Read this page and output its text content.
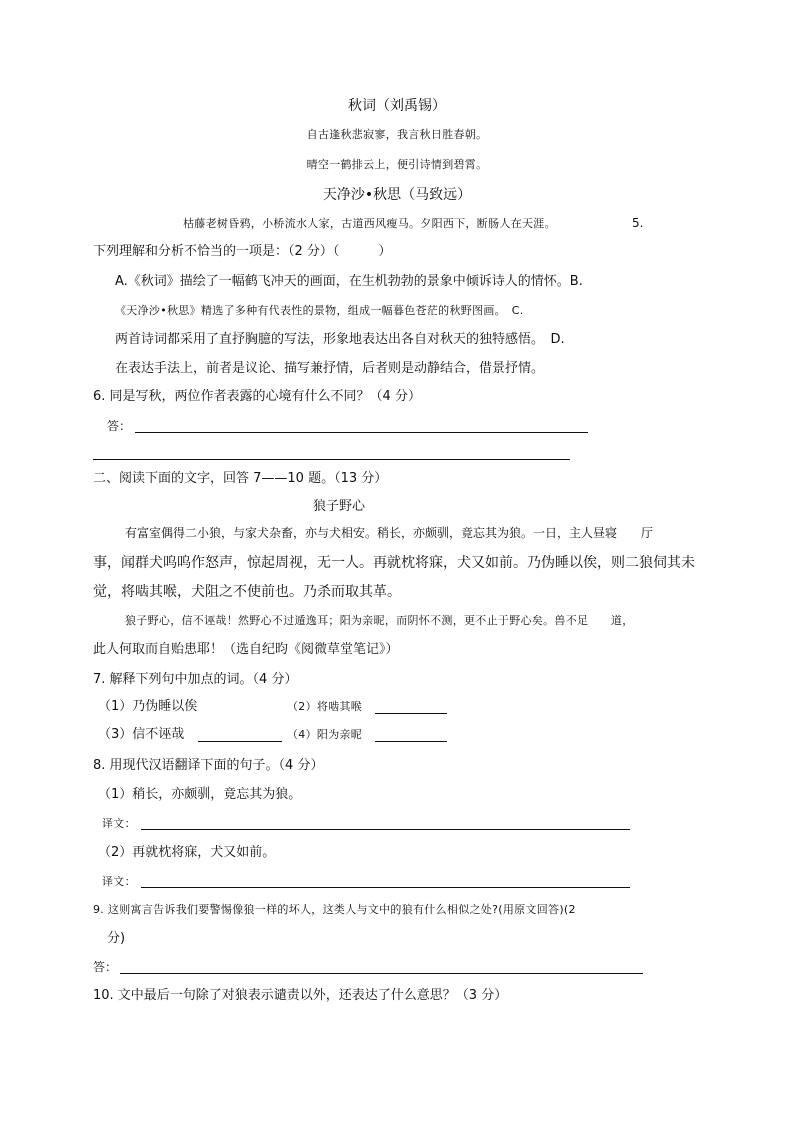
秋词（刘禹锡）
自古逢秋悲寂寥，我言秋日胜春朝。
晴空一鹤排云上，便引诗情到碧霄。
天净沙•秋思（马致远）
枯藤老树昏鸦，小桥流水人家，古道西风瘦马。夕阳西下，断肠人在天涯。	5.
下列理解和分析不恰当的一项是：（2 分）（　　　）
A.《秋词》描绘了一幅鹤飞冲天的画面，在生机勃勃的景象中倾诉诗人的情怀。B.
《天净沙•秋思》精选了多种有代表性的景物，组成一幅暮色苍茫的秋野图画。　C.
两首诗词都采用了直抒胸臆的写法，形象地表达出各自对秋天的独特感悟。　D.
在表达手法上，前者是议论、描写兼抒情，后者则是动静结合，借景抒情。
6. 同是写秋，两位作者表露的心境有什么不同？（4 分）
答：
二、阅读下面的文字，回答 7——10 题。（13 分）
狼子野心
有富室偶得二小狼，与家犬杂畜，亦与犬相安。稍长，亦颇驯，竟忘其为狼。一日，主人昼寝　　厅
事，闻群犬呜呜作怒声，惊起周视，无一人。再就枕将寐，犬又如前。乃伪睡以俟，则二狼伺其未
觉，将啮其喉，犬阻之不使前也。乃杀而取其革。
狼子野心，信不诬哉！然野心不过遁逸耳；阳为亲昵，而阴怀不测，更不止于野心矣。兽不足　　道，
此人何取而自贻患耶！（选自纪昀《阅微草堂笔记》）
7. 解释下列句中加点的词。（4 分）
（1）乃伪睡以俟	（2）将啮其喉
（3）信不诬哉	（4）阳为亲昵
8. 用现代汉语翻译下面的句子。（4 分）
（1）稍长，亦颇驯，竟忘其为狼。
译文：
（2）再就枕将寐，犬又如前。
译文：
9. 这则寓言告诉我们要警惕像狼一样的坏人，这类人与文中的狼有什么相似之处?(用原文回答)(2
分)
答：
10. 文中最后一句除了对狼表示谴责以外，还表达了什么意思？（3 分）
